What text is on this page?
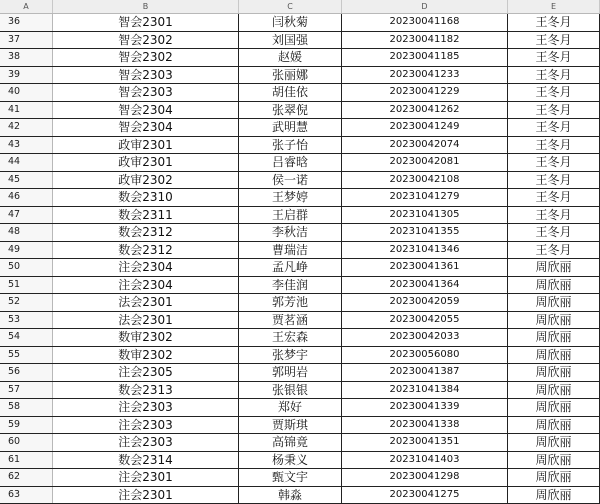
A	B	C	D	E
36	智会2301	闫秋菊	20230041168	王冬月
37	智会2302	刘国强	20230041182	王冬月
38	智会2302	赵媛	20230041185	王冬月
39	智会2303	张丽娜	20230041233	王冬月
40	智会2303	胡佳依	20230041229	王冬月
41	智会2304	张翠倪	20230041262	王冬月
42	智会2304	武明慧	20230041249	王冬月
43	政审2301	张子怡	20230042074	王冬月
44	政审2301	吕睿晗	20230042081	王冬月
45	政审2302	侯一诺	20230042108	王冬月
46	数会2310	王梦婷	20231041279	王冬月
47	数会2311	王启群	20231041305	王冬月
48	数会2312	李秋洁	20231041355	王冬月
49	数会2312	曹瑞洁	20231041346	王冬月
50	注会2304	孟凡峥	20230041361	周欣丽
51	注会2304	李佳润	20230041364	周欣丽
52	法会2301	郭芳池	20230042059	周欣丽
53	法会2301	贾茗涵	20230042055	周欣丽
54	数审2302	王宏森	20230042033	周欣丽
55	数审2302	张梦宇	20230056080	周欣丽
56	注会2305	郭明岩	20230041387	周欣丽
57	数会2313	张银银	20231041384	周欣丽
58	注会2303	郑好	20230041339	周欣丽
59	注会2303	贾斯琪	20230041338	周欣丽
60	注会2303	高锦竟	20230041351	周欣丽
61	数会2314	杨秉义	20231041403	周欣丽
62	注会2301	甄文宇	20230041298	周欣丽
63	注会2301	韩淼	20230041275	周欣丽
